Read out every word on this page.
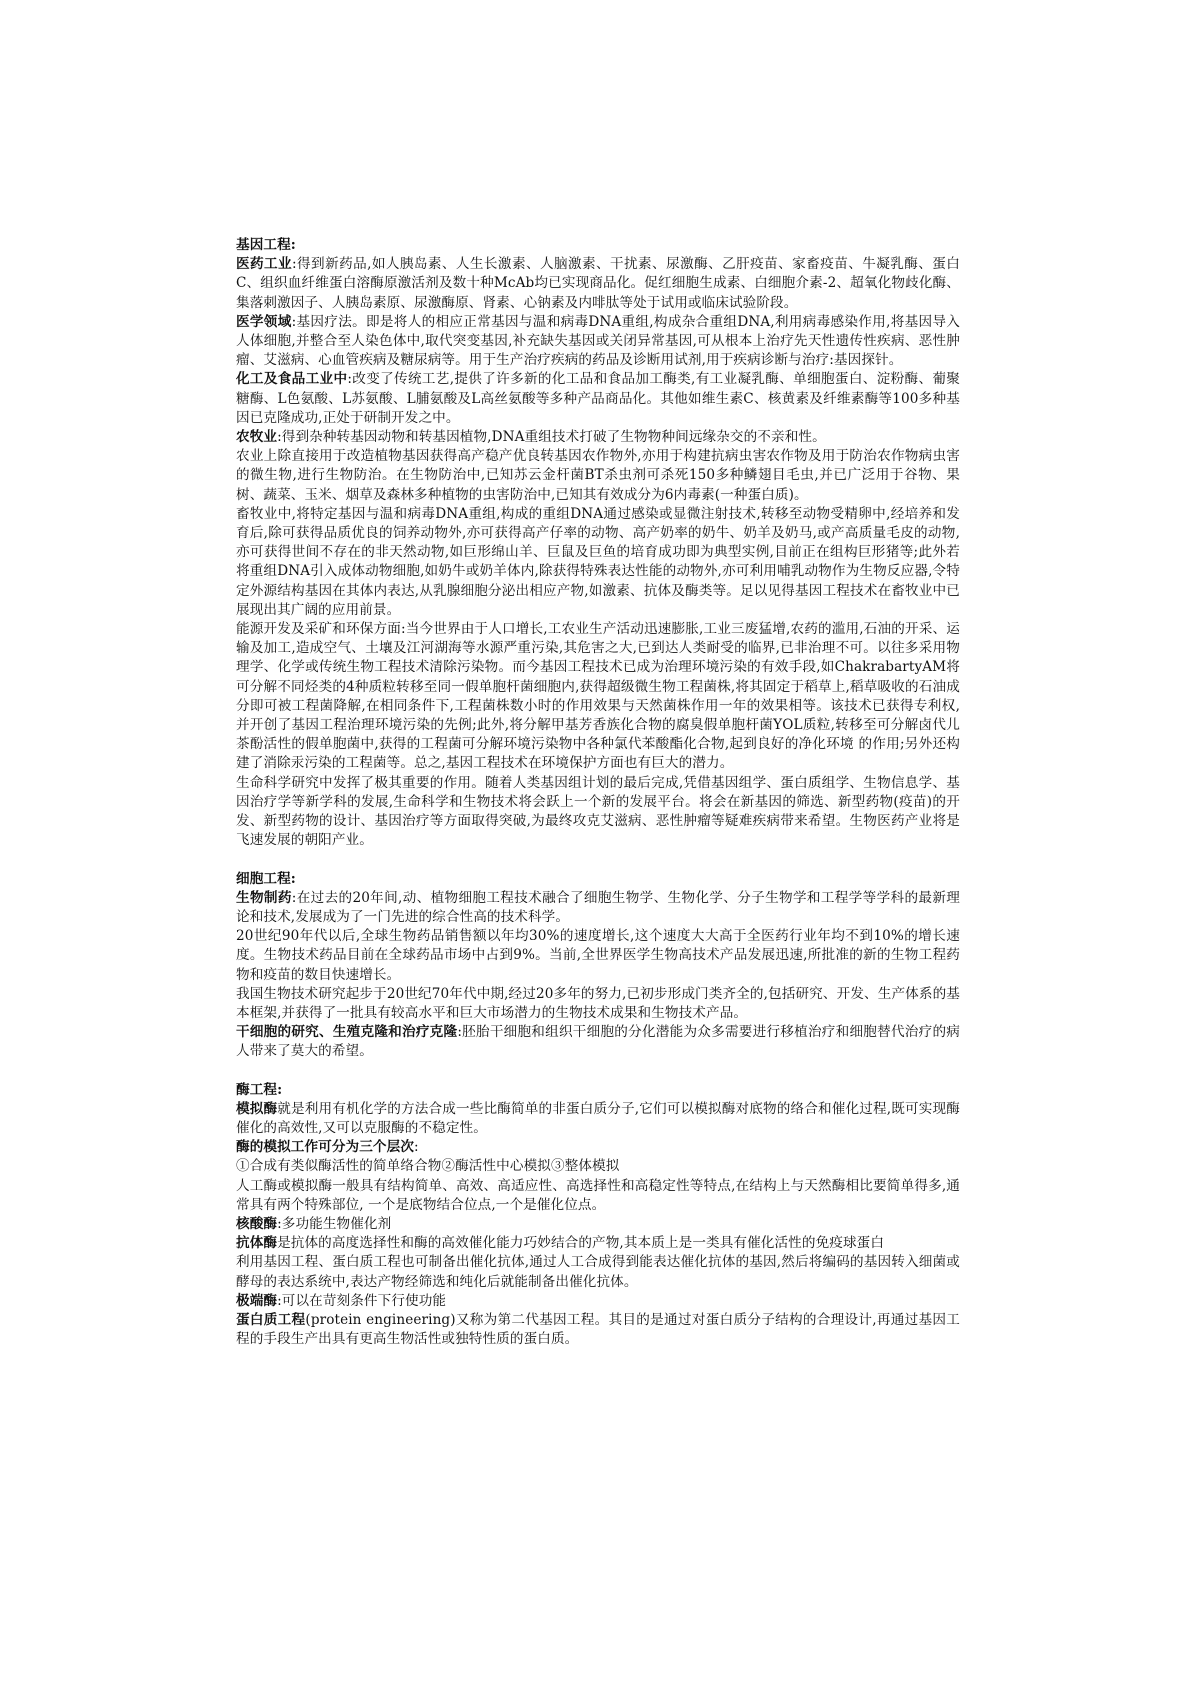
基因工程:

医药工业:得到新药品,如人胰岛素、人生长激素、人脑激素、干扰素、尿激酶、乙肝疫苗、家畜疫苗、牛凝乳酶、蛋白C、组织血纤维蛋白溶酶原激活剂及数十种McAb均已实现商品化。促红细胞生成素、白细胞介素-2、超氧化物歧化酶、集落刺激因子、人胰岛素原、尿激酶原、肾素、心钠素及内啡肽等处于试用或临床试验阶段。

医学领域:基因疗法。即是将人的相应正常基因与温和病毒DNA重组,构成杂合重组DNA,利用病毒感染作用,将基因导入人体细胞,并整合至人染色体中,取代突变基因,补充缺失基因或关闭异常基因,可从根本上治疗先天性遗传性疾病、恶性肿瘤、艾滋病、心血管疾病及糖尿病等。用于生产治疗疾病的药品及诊断用试剂,用于疾病诊断与治疗:基因探针。

化工及食品工业中:改变了传统工艺,提供了许多新的化工品和食品加工酶类,有工业凝乳酶、单细胞蛋白、淀粉酶、葡聚糖酶、L色氨酸、L苏氨酸、L脯氨酸及L高丝氨酸等多种产品商品化。其他如维生素C、核黄素及纤维素酶等100多种基因已克隆成功,正处于研制开发之中。

农牧业:得到杂种转基因动物和转基因植物,DNA重组技术打破了生物物种间远缘杂交的不亲和性。

农业上除直接用于改造植物基因获得高产稳产优良转基因农作物外,亦用于构建抗病虫害农作物及用于防治农作物病虫害的微生物,进行生物防治。在生物防治中,已知苏云金杆菌BT杀虫剂可杀死150多种鳞翅目毛虫,并已广泛用于谷物、果树、蔬菜、玉米、烟草及森林多种植物的虫害防治中,已知其有效成分为6内毒素(一种蛋白质)。

畜牧业中,将特定基因与温和病毒DNA重组,构成的重组DNA通过感染或显微注射技术,转移至动物受精卵中,经培养和发育后,除可获得品质优良的饲养动物外,亦可获得高产仔率的动物、高产奶率的奶牛、奶羊及奶马,或产高质量毛皮的动物,亦可获得世间不存在的非天然动物,如巨形绵山羊、巨鼠及巨鱼的培育成功即为典型实例,目前正在组构巨形猪等;此外若将重组DNA引入成体动物细胞,如奶牛或奶羊体内,除获得特殊表达性能的动物外,亦可利用哺乳动物作为生物反应器,令特定外源结构基因在其体内表达,从乳腺细胞分泌出相应产物,如激素、抗体及酶类等。足以见得基因工程技术在畜牧业中已展现出其广阔的应用前景。

能源开发及采矿和环保方面:当今世界由于人口增长,工农业生产活动迅速膨胀,工业三废猛增,农药的滥用,石油的开采、运输及加工,造成空气、土壤及江河湖海等水源严重污染,其危害之大,已到达人类耐受的临界,已非治理不可。以往多采用物理学、化学或传统生物工程技术清除污染物。而今基因工程技术已成为治理环境污染的有效手段,如ChakrabartyAM将可分解不同烃类的4种质粒转移至同一假单胞杆菌细胞内,获得超级微生物工程菌株,将其固定于稻草上,稻草吸收的石油成分即可被工程菌降解,在相同条件下,工程菌株数小时的作用效果与天然菌株作用一年的效果相等。该技术已获得专利权,并开创了基因工程治理环境污染的先例;此外,将分解甲基芳香族化合物的腐臭假单胞杆菌YOL质粒,转移至可分解卤代儿茶酚活性的假单胞菌中,获得的工程菌可分解环境污染物中各种氯代苯酸酯化合物,起到良好的净化环境 的作用;另外还构建了消除汞污染的工程菌等。总之,基因工程技术在环境保护方面也有巨大的潜力。

生命科学研究中发挥了极其重要的作用。随着人类基因组计划的最后完成,凭借基因组学、蛋白质组学、生物信息学、基因治疗学等新学科的发展,生命科学和生物技术将会跃上一个新的发展平台。将会在新基因的筛选、新型药物(疫苗)的开发、新型药物的设计、基因治疗等方面取得突破,为最终攻克艾滋病、恶性肿瘤等疑难疾病带来希望。生物医药产业将是飞速发展的朝阳产业。

细胞工程:

生物制药:在过去的20年间,动、植物细胞工程技术融合了细胞生物学、生物化学、分子生物学和工程学等学科的最新理论和技术,发展成为了一门先进的综合性高的技术科学。

20世纪90年代以后,全球生物药品销售额以年均30%的速度增长,这个速度大大高于全医药行业年均不到10%的增长速度。生物技术药品目前在全球药品市场中占到9%。当前,全世界医学生物高技术产品发展迅速,所批准的新的生物工程药物和疫苗的数目快速增长。

我国生物技术研究起步于20世纪70年代中期,经过20多年的努力,已初步形成门类齐全的,包括研究、开发、生产体系的基本框架,并获得了一批具有较高水平和巨大市场潜力的生物技术成果和生物技术产品。

干细胞的研究、生殖克隆和治疗克隆:胚胎干细胞和组织干细胞的分化潜能为众多需要进行移植治疗和细胞替代治疗的病人带来了莫大的希望。

酶工程:

模拟酶就是利用有机化学的方法合成一些比酶简单的非蛋白质分子,它们可以模拟酶对底物的络合和催化过程,既可实现酶催化的高效性,又可以克服酶的不稳定性。

酶的模拟工作可分为三个层次:

①合成有类似酶活性的简单络合物②酶活性中心模拟③整体模拟

人工酶或模拟酶一般具有结构简单、高效、高适应性、高选择性和高稳定性等特点,在结构上与天然酶相比要简单得多,通常具有两个特殊部位, 一个是底物结合位点,一个是催化位点。

核酸酶:多功能生物催化剂

抗体酶是抗体的高度选择性和酶的高效催化能力巧妙结合的产物,其本质上是一类具有催化活性的免疫球蛋白

利用基因工程、蛋白质工程也可制备出催化抗体,通过人工合成得到能表达催化抗体的基因,然后将编码的基因转入细菌或酵母的表达系统中,表达产物经筛选和纯化后就能制备出催化抗体。

极端酶:可以在苛刻条件下行使功能

蛋白质工程(protein engineering)又称为第二代基因工程。其目的是通过对蛋白质分子结构的合理设计,再通过基因工程的手段生产出具有更高生物活性或独特性质的蛋白质。
